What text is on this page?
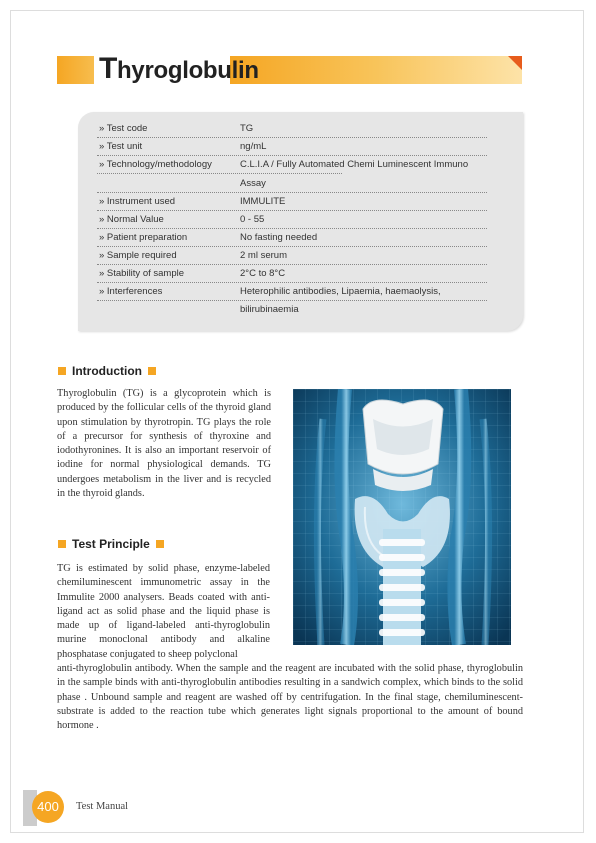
Thyroglobulin
» Test code	TG
» Test unit	ng/mL
» Technology/methodology	C.L.I.A / Fully Automated Chemi Luminescent Immuno
Assay
» Instrument used	IMMULITE
» Normal Value	0 - 55
» Patient preparation	No fasting needed
» Sample required	2 ml serum
» Stability of sample	2°C to 8°C
» Interferences	Heterophilic antibodies, Lipaemia, haemaolysis,
bilirubinaemia
Introduction

Thyroglobulin (TG) is a glycoprotein which is produced by the follicular cells of the thyroid gland upon stimulation by thyrotropin. TG plays the role of a precursor for synthesis of thyroxine and iodothyronines. It is also an important reservoir of iodine for normal physiological demands. TG undergoes metabolism in the liver and is recycled in the thyroid glands.

Test Principle

TG is estimated by solid phase, enzyme-labeled chemiluminescent immunometric assay in the Immulite 2000 analysers. Beads coated with anti-ligand act as solid phase and the liquid phase is made up of ligand-labeled anti-thyroglobulin murine monoclonal antibody and alkaline phosphatase conjugated to sheep polyclonal

anti-thyroglobulin antibody. When the sample and the reagent are incubated with the solid phase, thyroglobulin in the sample binds with anti-thyroglobulin antibodies resulting in a sandwich complex, which binds to the solid phase . Unbound sample and reagent are washed off by centrifugation. In the final stage, chemiluminescent- substrate is added to the reaction tube which generates light signals proportional to the amount of bound hormone .

400	Test Manual
